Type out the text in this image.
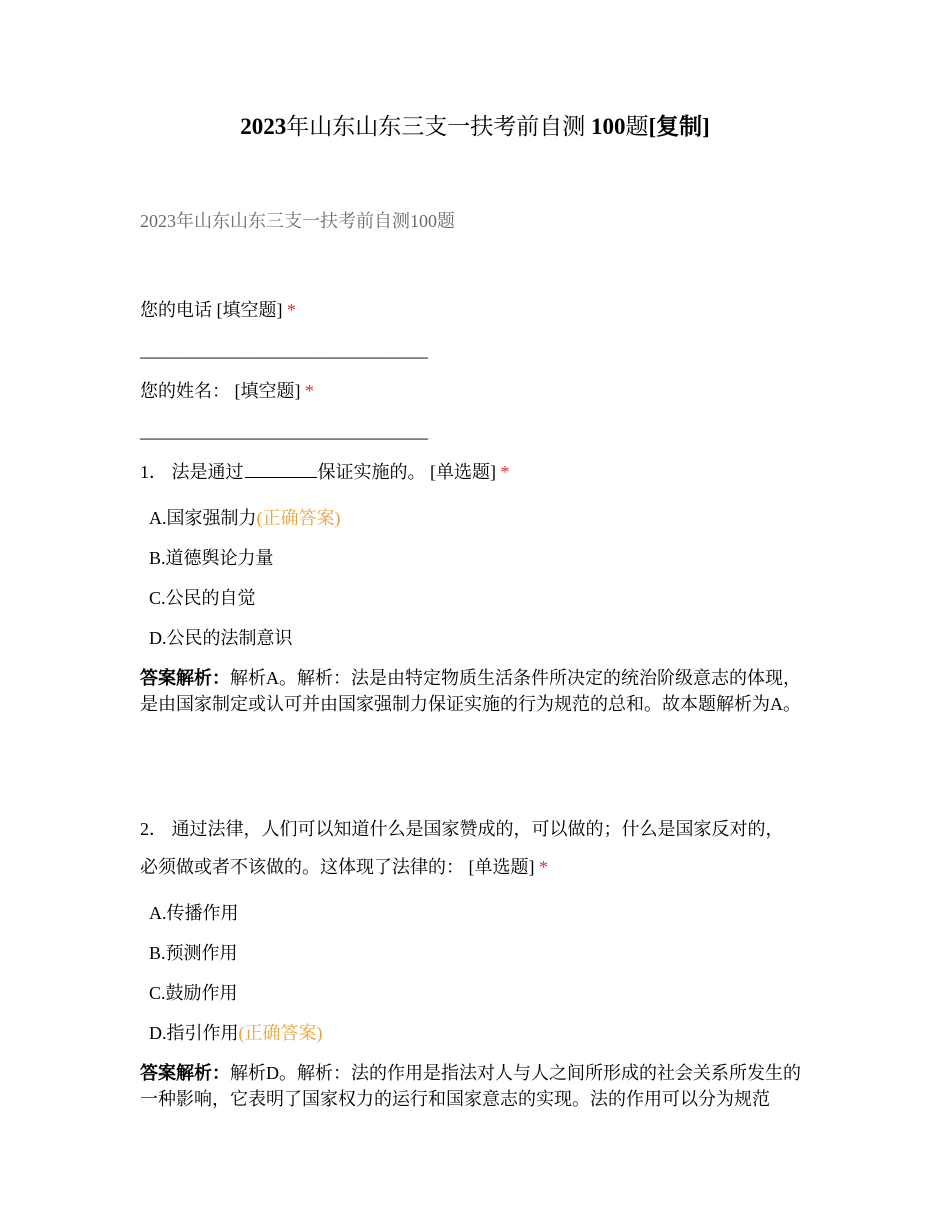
2023年山东山东三支一扶考前自测 100题[复制]
2023年山东山东三支一扶考前自测100题
您的电话 [填空题] *
________________________________
您的姓名： [填空题] *
________________________________
1． 法是通过	保证实施的。 [单选题] *
A.国家强制力(正确答案)
B.道德舆论力量
C.公民的自觉
D.公民的法制意识
答案解析：解析A。解析：法是由特定物质生活条件所决定的统治阶级意志的体现，是由国家制定或认可并由国家强制力保证实施的行为规范的总和。故本题解析为A。
2． 通过法律，人们可以知道什么是国家赞成的，可以做的；什么是国家反对的，
必须做或者不该做的。这体现了法律的： [单选题] *
A.传播作用
B.预测作用
C.鼓励作用
D.指引作用(正确答案)
答案解析：解析D。解析：法的作用是指法对人与人之间所形成的社会关系所发生的一种影响，它表明了国家权力的运行和国家意志的实现。法的作用可以分为规范
